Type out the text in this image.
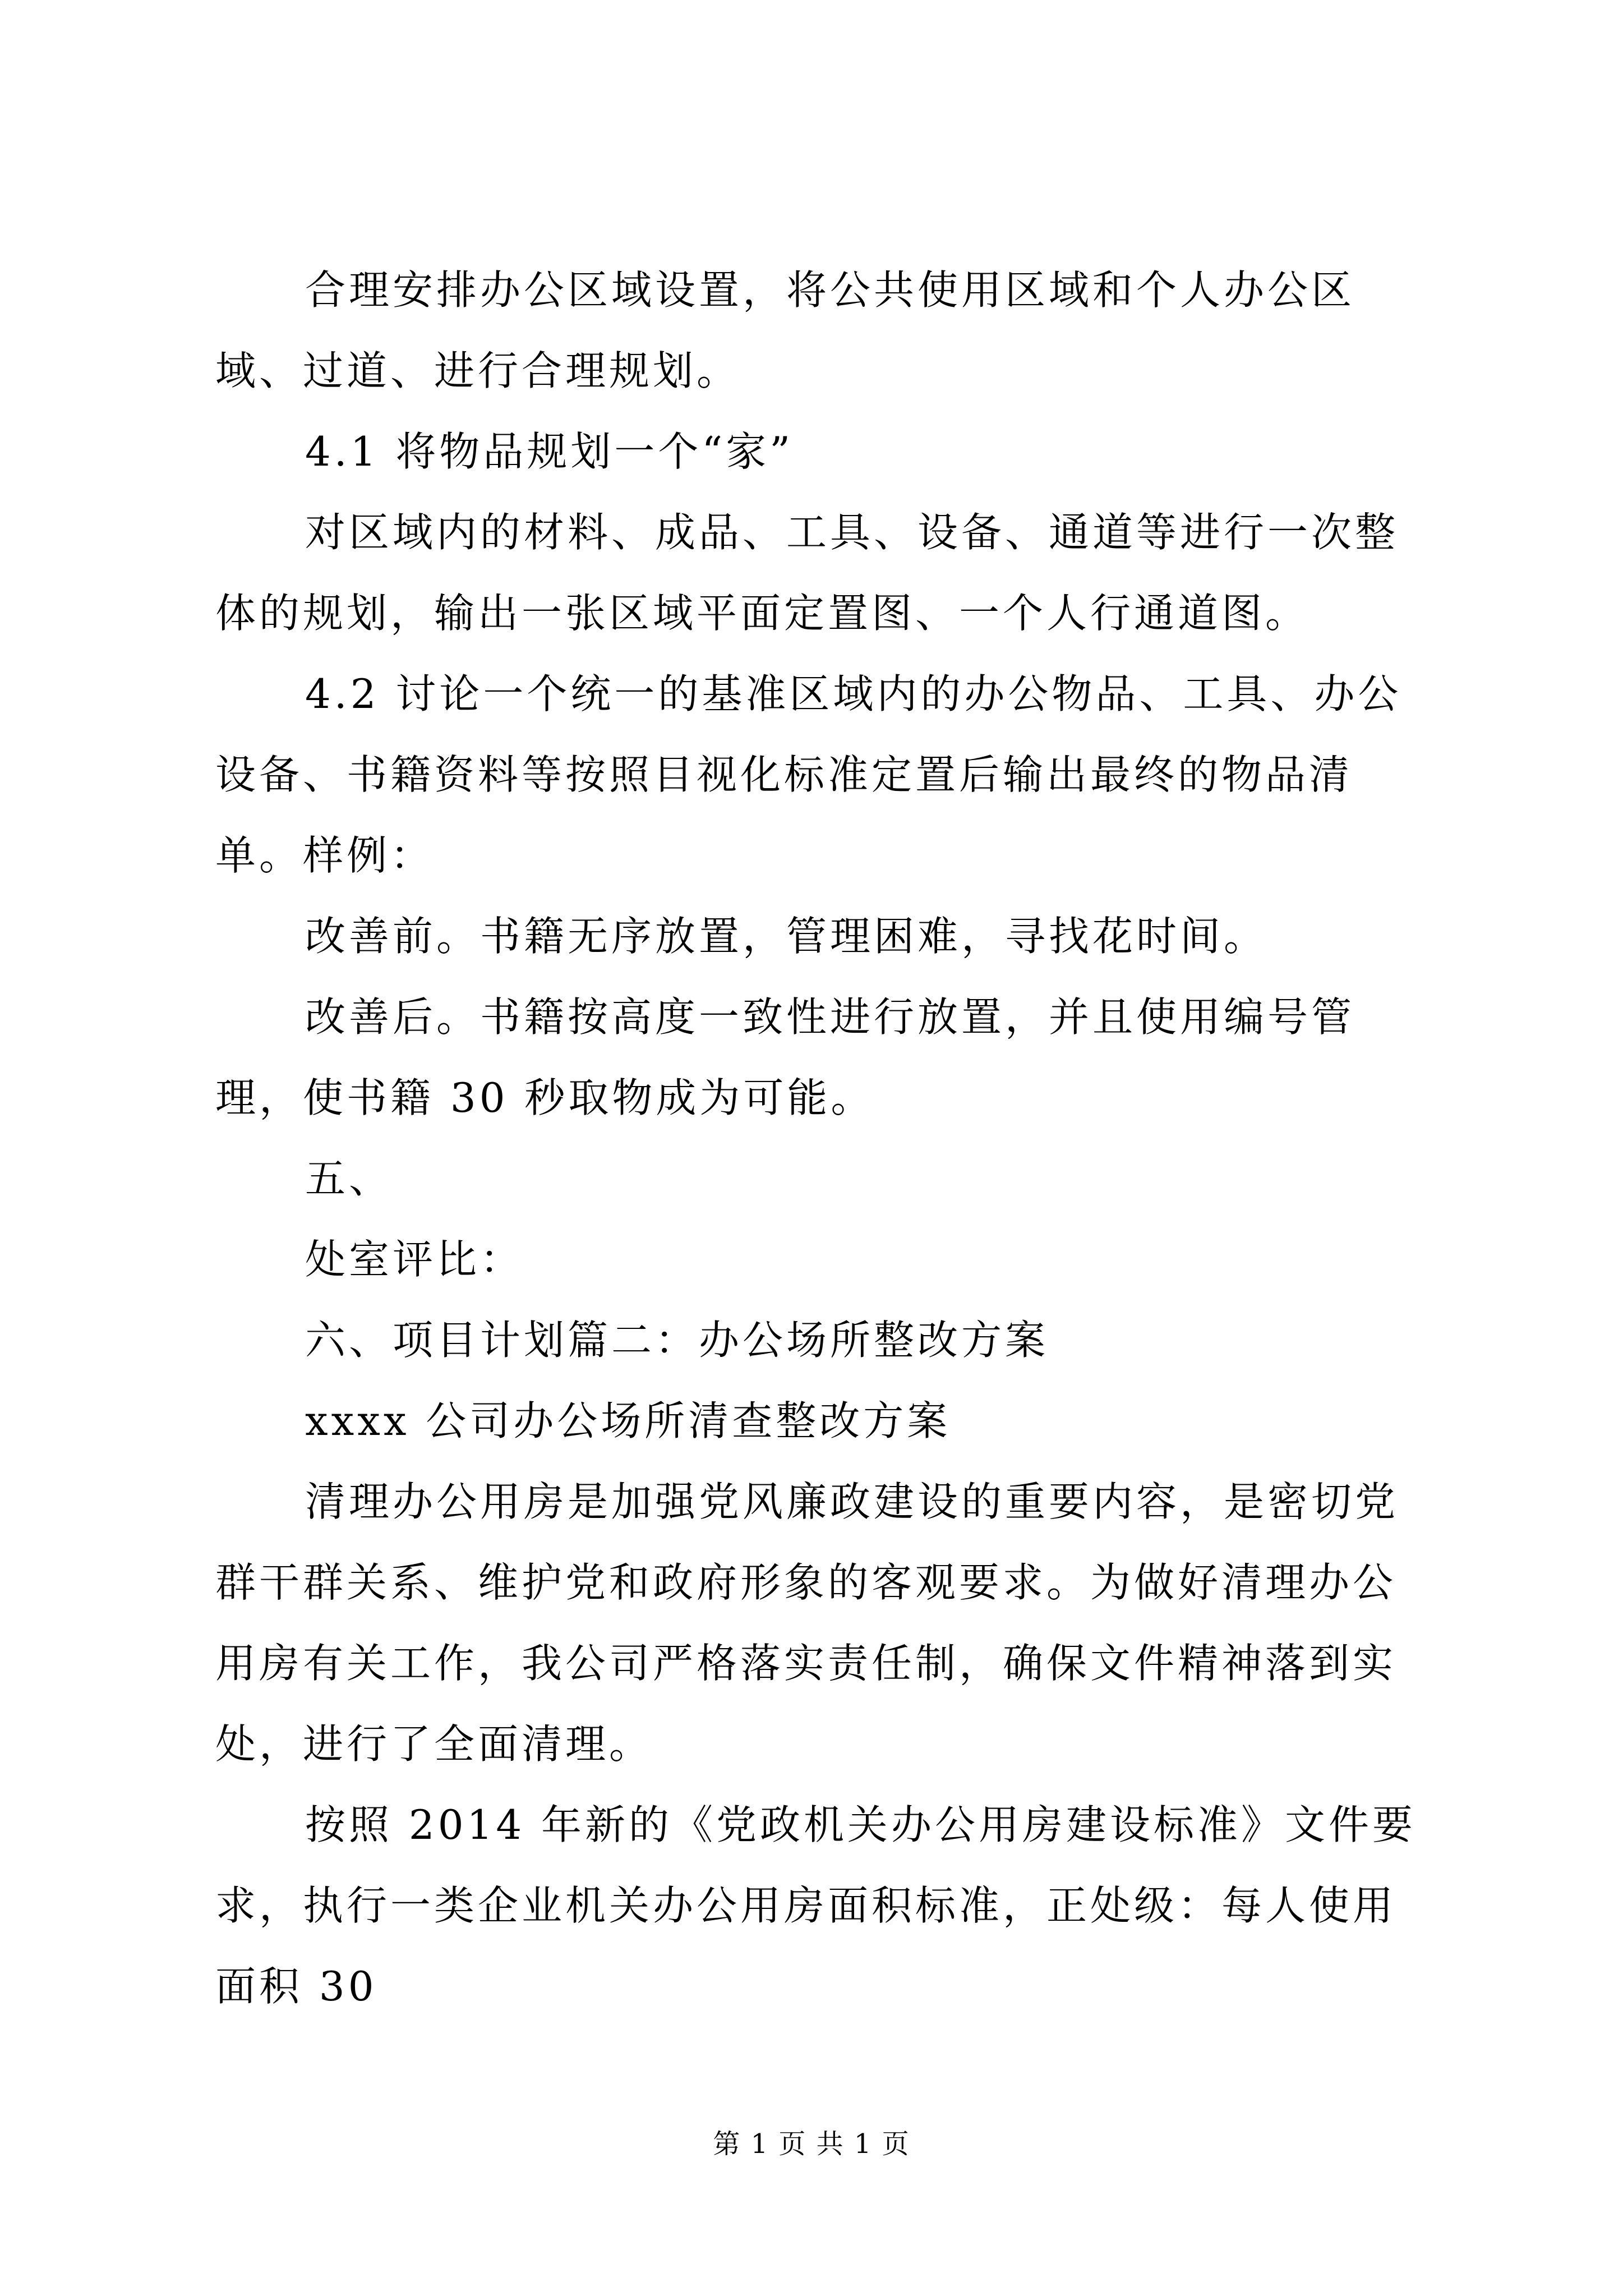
合理安排办公区域设置，将公共使用区域和个人办公区域、过道、进行合理规划。

4.1 将物品规划一个“家”

对区域内的材料、成品、工具、设备、通道等进行一次整体的规划，输出一张区域平面定置图、一个人行通道图。

4.2 讨论一个统一的基准区域内的办公物品、工具、办公设备、书籍资料等按照目视化标准定置后输出最终的物品清单。样例：

改善前。书籍无序放置，管理困难，寻找花时间。

改善后。书籍按高度一致性进行放置，并且使用编号管理，使书籍 30 秒取物成为可能。

五、

处室评比：

六、项目计划篇二：办公场所整改方案

xxxx 公司办公场所清查整改方案

清理办公用房是加强党风廉政建设的重要内容，是密切党群干群关系、维护党和政府形象的客观要求。为做好清理办公用房有关工作，我公司严格落实责任制，确保文件精神落到实处，进行了全面清理。

按照 2014 年新的《党政机关办公用房建设标准》文件要求，执行一类企业机关办公用房面积标准，正处级：每人使用面积 30

第 1 页 共 1 页
